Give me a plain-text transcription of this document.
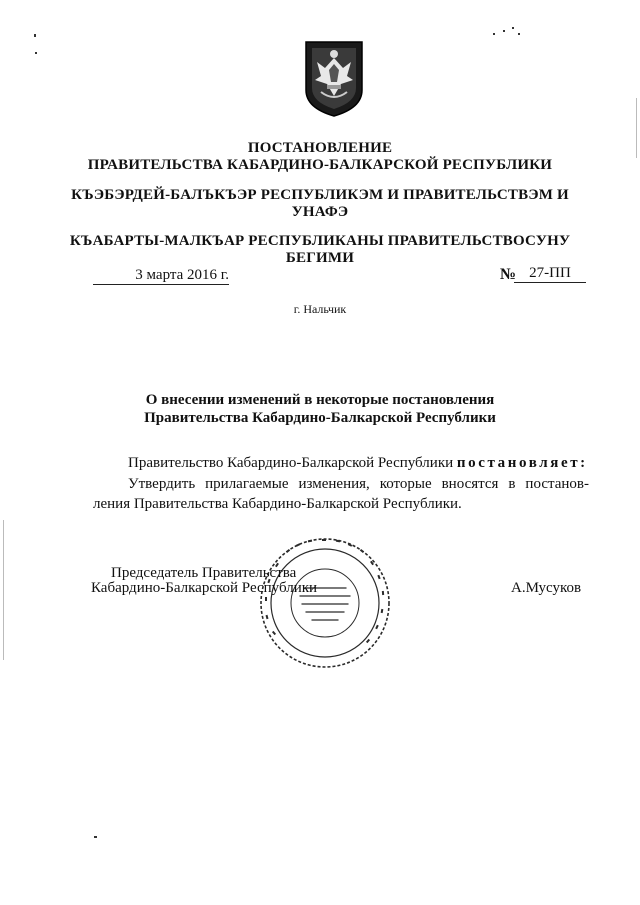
ПОСТАНОВЛЕНИЕ
ПРАВИТЕЛЬСТВА КАБАРДИНО-БАЛКАРСКОЙ РЕСПУБЛИКИ
КЪЭБЭРДЕЙ-БАЛЪКЪЭР РЕСПУБЛИКЭМ И ПРАВИТЕЛЬСТВЭМ И
УНАФЭ
КЪАБАРТЫ-МАЛКЪАР РЕСПУБЛИКАНЫ ПРАВИТЕЛЬСТВОСУНУ
БЕГИМИ
3 марта 2016 г.	№ 27-ПП
г. Нальчик
О внесении изменений в некоторые постановления
Правительства Кабардино-Балкарской Республики
Правительство Кабардино-Балкарской Республики постановляет:
Утвердить прилагаемые изменения, которые вносятся в постанов-
ления Правительства Кабардино-Балкарской Республики.
Председатель Правительства
Кабардино-Балкарской Республики	А.Мусуков
